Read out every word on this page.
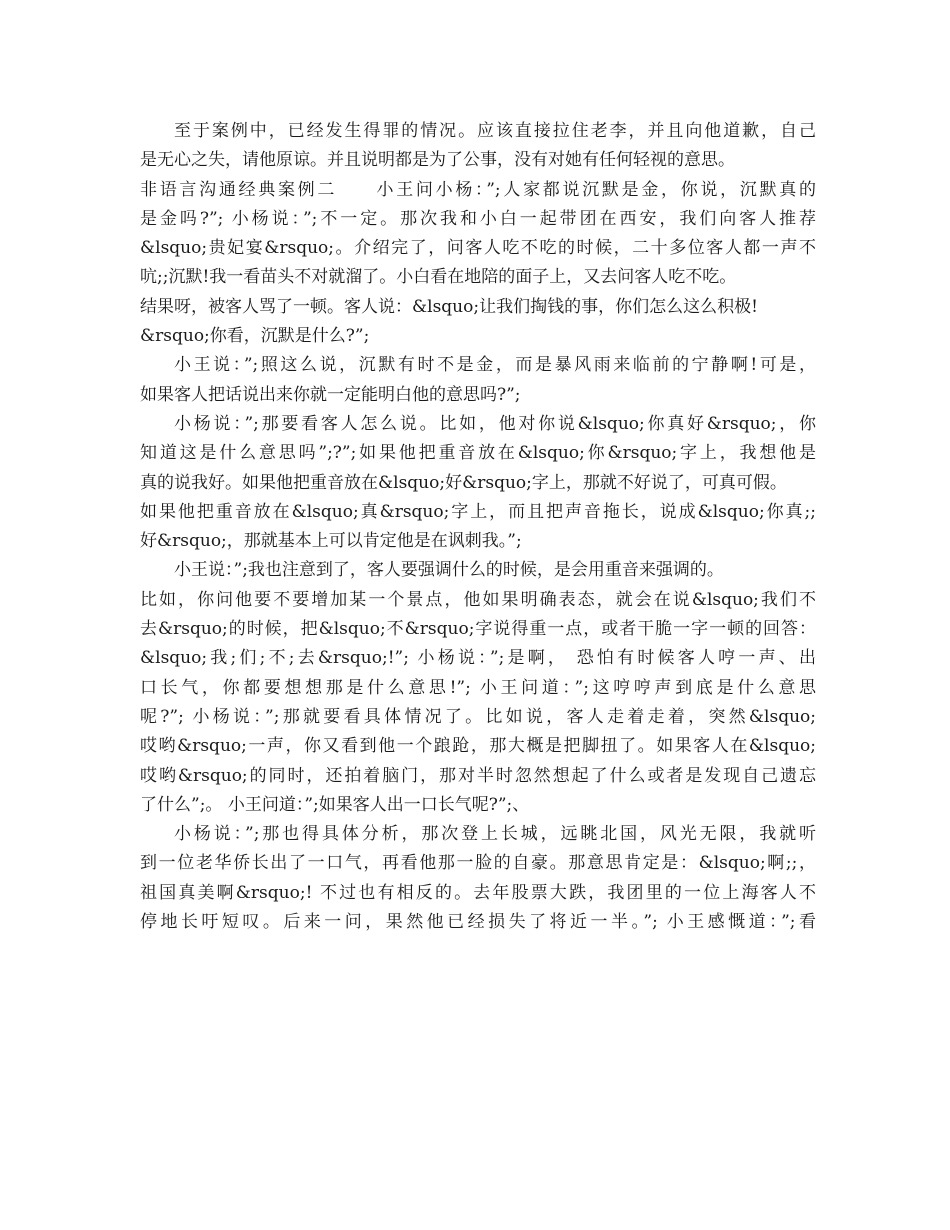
至于案例中，已经发生得罪的情况。应该直接拉住老李，并且向他道歉，自己
是无心之失，请他原谅。并且说明都是为了公事，没有对她有任何轻视的意思。
非语言沟通经典案例二　　小王问小杨：”;人家都说沉默是金，你说，沉默真的
是金吗?”; 小杨说：”;不一定。那次我和小白一起带团在西安，我们向客人推荐
&lsquo;贵妃宴&rsquo;。介绍完了，问客人吃不吃的时候，二十多位客人都一声不
吭;;沉默!我一看苗头不对就溜了。小白看在地陪的面子上，又去问客人吃不吃。
结果呀，被客人骂了一顿。客人说：&lsquo;让我们掏钱的事，你们怎么这么积极!
&rsquo;你看，沉默是什么?”;
小王说：”;照这么说，沉默有时不是金，而是暴风雨来临前的宁静啊!可是，
如果客人把话说出来你就一定能明白他的意思吗?”;
小杨说：”;那要看客人怎么说。比如，他对你说&lsquo;你真好&rsquo;，你
知道这是什么意思吗”;?”;如果他把重音放在&lsquo;你&rsquo;字上，我想他是
真的说我好。如果他把重音放在&lsquo;好&rsquo;字上，那就不好说了，可真可假。
如果他把重音放在&lsquo;真&rsquo;字上，而且把声音拖长，说成&lsquo;你真;;
好&rsquo;，那就基本上可以肯定他是在讽刺我。”;
小王说：”;我也注意到了，客人要强调什么的时候，是会用重音来强调的。
比如，你问他要不要增加某一个景点，他如果明确表态，就会在说&lsquo;我们不
去&rsquo;的时候，把&lsquo;不&rsquo;字说得重一点，或者干脆一字一顿的回答：
&lsquo;我;们;不;去&rsquo;!”; 小杨说：”;是啊， 恐怕有时候客人哼一声、出
口长气，你都要想想那是什么意思!”; 小王问道：”;这哼哼声到底是什么意思
呢?”; 小杨说：”;那就要看具体情况了。比如说，客人走着走着，突然&lsquo;
哎哟&rsquo;一声，你又看到他一个踉跄，那大概是把脚扭了。如果客人在&lsquo;
哎哟&rsquo;的同时，还拍着脑门，那对半时忽然想起了什么或者是发现自己遗忘
了什么”;。 小王问道：”;如果客人出一口长气呢?”;、
小杨说：”;那也得具体分析，那次登上长城，远眺北国，风光无限，我就听
到一位老华侨长出了一口气，再看他那一脸的自豪。那意思肯定是：&lsquo;啊;;，
祖国真美啊&rsquo;! 不过也有相反的。去年股票大跌，我团里的一位上海客人不
停地长吁短叹。后来一问，果然他已经损失了将近一半。”; 小王感慨道：”;看
